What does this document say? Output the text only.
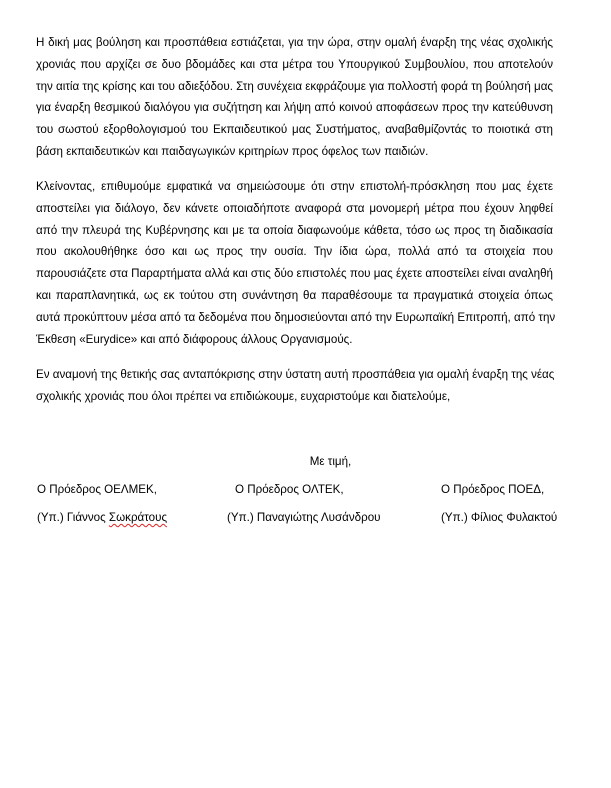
Η δική μας βούληση και προσπάθεια εστιάζεται, για την ώρα, στην ομαλή έναρξη της νέας σχολικής
χρονιάς που αρχίζει σε δυο βδομάδες και στα μέτρα του Υπουργικού Συμβουλίου, που αποτελούν
την αιτία της κρίσης και του αδιεξόδου. Στη συνέχεια εκφράζουμε για πολλοστή φορά τη βούλησή μας
για έναρξη θεσμικού διαλόγου για συζήτηση και λήψη από κοινού αποφάσεων προς την κατεύθυνση
του σωστού εξορθολογισμού του Εκπαιδευτικού μας Συστήματος, αναβαθμίζοντάς το ποιοτικά στη
βάση εκπαιδευτικών και παιδαγωγικών κριτηρίων προς όφελος των παιδιών.
Κλείνοντας, επιθυμούμε εμφατικά να σημειώσουμε ότι στην επιστολή-πρόσκληση που μας έχετε
αποστείλει για διάλογο, δεν κάνετε οποιαδήποτε αναφορά στα μονομερή μέτρα που έχουν ληφθεί
από την πλευρά της Κυβέρνησης και με τα οποία διαφωνούμε κάθετα, τόσο ως προς τη διαδικασία
που ακολουθήθηκε όσο και ως προς την ουσία. Την ίδια ώρα, πολλά από τα στοιχεία που
παρουσιάζετε στα Παραρτήματα αλλά και στις δύο επιστολές που μας έχετε αποστείλει είναι αναληθή
και παραπλανητικά, ως εκ τούτου στη συνάντηση θα παραθέσουμε τα πραγματικά στοιχεία όπως
αυτά προκύπτουν μέσα από τα δεδομένα που δημοσιεύονται από την Ευρωπαϊκή Επιτροπή, από την
Έκθεση «Eurydice» και από διάφορους άλλους Οργανισμούς.
Εν αναμονή της θετικής σας ανταπόκρισης στην ύστατη αυτή προσπάθεια για ομαλή έναρξη της νέας
σχολικής χρονιάς που όλοι πρέπει να επιδιώκουμε, ευχαριστούμε και διατελούμε,
Με τιμή,
Ο Πρόεδρος ΟΕΛΜΕΚ,	Ο Πρόεδρος ΟΛΤΕΚ,	Ο Πρόεδρος ΠΟΕΔ,
(Υπ.) Γιάννος Σωκράτους	(Υπ.) Παναγιώτης Λυσάνδρου	(Υπ.) Φίλιος Φυλακτού
